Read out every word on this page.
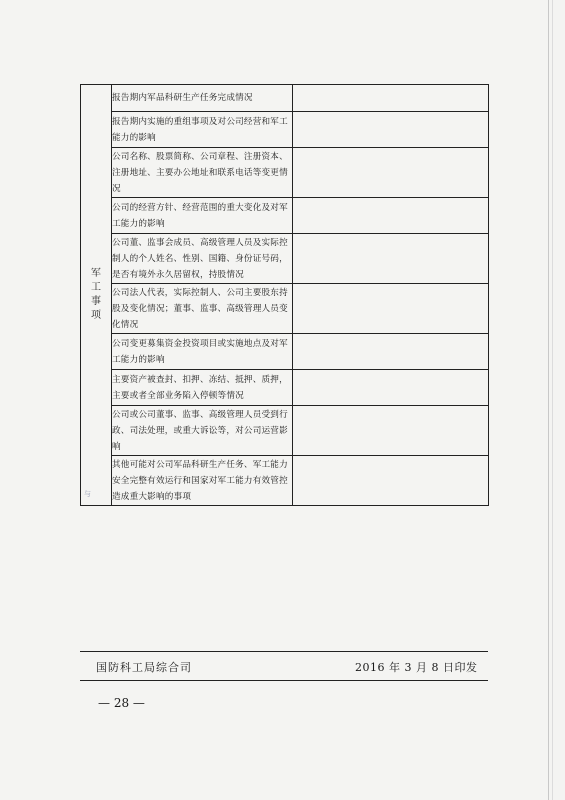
军工事项
与	报告期内军品科研生产任务完成情况	
	报告期内实施的重组事项及对公司经营和军工能力的影响	
	公司名称、股票简称、公司章程、注册资本、注册地址、主要办公地址和联系电话等变更情况	
	公司的经营方针、经营范围的重大变化及对军工能力的影响	
	公司董、监事会成员、高级管理人员及实际控制人的个人姓名、性别、国籍、身份证号码，是否有境外永久居留权，持股情况	
	公司法人代表，实际控制人、公司主要股东持股及变化情况；董事、监事、高级管理人员变化情况	
	公司变更募集资金投资项目或实施地点及对军工能力的影响	
	主要资产被查封、扣押、冻结、抵押、质押，主要或者全部业务陷入停顿等情况	
	公司或公司董事、监事、高级管理人员受到行政、司法处理，或重大诉讼等，对公司运营影响	
	其他可能对公司军品科研生产任务、军工能力安全完整有效运行和国家对军工能力有效管控造成重大影响的事项	
国防科工局综合司	2016 年 3 月 8 日印发
— 28 —
